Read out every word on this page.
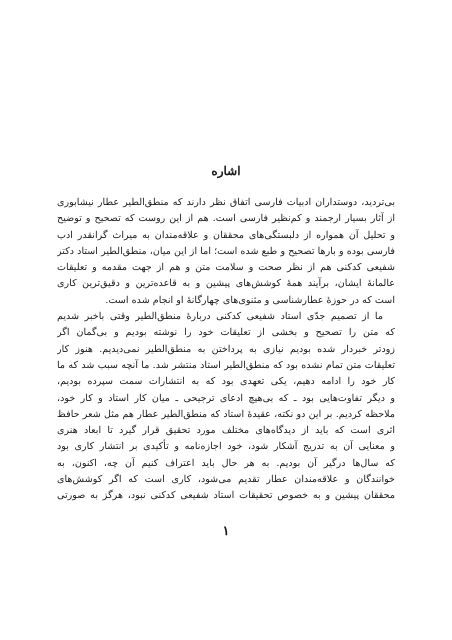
اشاره

بی‌تردید، دوستداران ادبیات فارسی اتفاق نظر دارند که منطق‌الطیر عطار نیشابوری
از آثار بسیار ارجمند و کم‌نظیر فارسی است. هم از این روست که تصحیح و توضیح
و تحلیل آن همواره از دلبستگی‌های محققان و علاقه‌مندان به میراث گرانقدر ادب
فارسی بوده و بارها تصحیح و طبع شده است؛ اما از این میان، منطق‌الطیر استاد دکتر
شفیعی کدکنی هم از نظر صحت و سلامت متن و هم از جهت مقدمه و تعلیقات
عالمانهٔ ایشان، برآیند همهٔ کوشش‌های پیشین و به قاعده‌ترین و دقیق‌ترین کاری
است که در حوزهٔ عطارشناسی و مثنوی‌های چهارگانهٔ او انجام شده است.

ما از تصمیم جدّی استاد شفیعی کدکنی دربارهٔ منطق‌الطیر وقتی باخبر شدیم
که متن را تصحیح و بخشی از تعلیقات خود را نوشته بودیم و بی‌گمان اگر
زودتر خبردار شده بودیم نیازی به پرداختن به منطق‌الطیر نمی‌دیدیم. هنوز کار
تعلیقات متن تمام نشده بود که منطق‌الطیر استاد منتشر شد. ما آنچه سبب شد که ما
کار خود را ادامه دهیم، یکی تعهدی بود که به انتشارات سمت سپرده بودیم،
و دیگر تفاوت‌هایی بود ـ که بی‌هیچ ادعای ترجیحی ـ میان کار استاد و کار خود،
ملاحظه کردیم. بر این دو نکته، عقیدهٔ استاد که منطق‌الطیر عطار هم مثل شعر حافظ
اثری است که باید از دیدگاه‌های مختلف مورد تحقیق قرار گیرد تا ابعاد هنری
و معنایی آن به تدریج آشکار شود، خود اجازه‌نامه و تأکیدی بر انتشار کاری بود
که سال‌ها درگیر آن بودیم. به هر حال باید اعتراف کنیم آن چه، اکنون، به
خوانندگان و علاقه‌مندان عطار تقدیم می‌شود، کاری است که اگر کوشش‌های
محققان پیشین و به خصوص تحقیقات استاد شفیعی کدکنی نبود، هرگز به صورتی

۱
